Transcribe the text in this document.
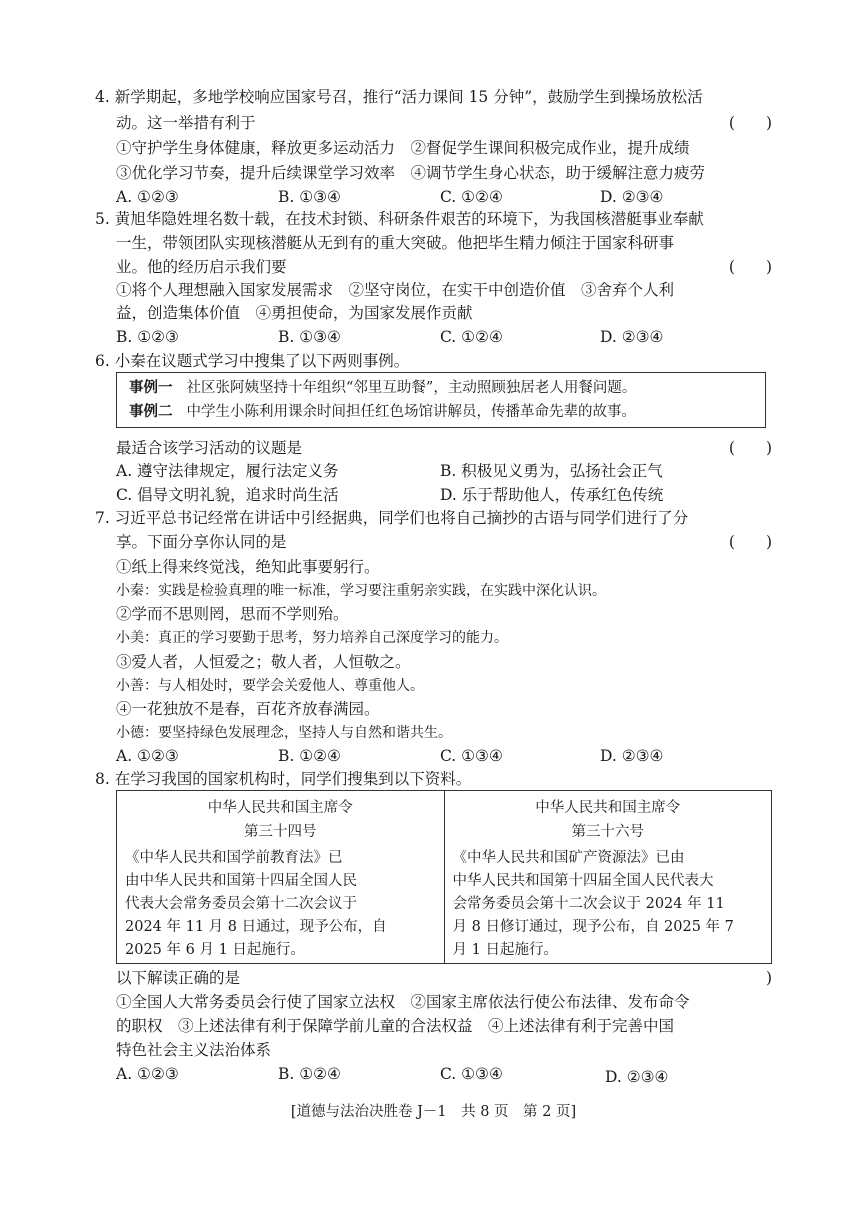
4. 新学期起，多地学校响应国家号召，推行“活力课间 15 分钟”，鼓励学生到操场放松活
动。这一举措有利于	(　　)
①守护学生身体健康，释放更多运动活力　②督促学生课间积极完成作业，提升成绩
③优化学习节奏，提升后续课堂学习效率　④调节学生身心状态，助于缓解注意力疲劳
A. ①②③	B. ①③④	C. ①②④	D. ②③④
5. 黄旭华隐姓埋名数十载，在技术封锁、科研条件艰苦的环境下，为我国核潜艇事业奉献
一生，带领团队实现核潜艇从无到有的重大突破。他把毕生精力倾注于国家科研事
业。他的经历启示我们要	(　　)
①将个人理想融入国家发展需求　②坚守岗位，在实干中创造价值　③舍弃个人利
益，创造集体价值　④勇担使命，为国家发展作贡献
B. ①②③	B. ①③④	C. ①②④	D. ②③④
6. 小秦在议题式学习中搜集了以下两则事例。
事例一 社区张阿姨坚持十年组织“邻里互助餐”，主动照顾独居老人用餐问题。
事例二 中学生小陈利用课余时间担任红色场馆讲解员，传播革命先辈的故事。
最适合该学习活动的议题是	(　　)
A. 遵守法律规定，履行法定义务	B. 积极见义勇为，弘扬社会正气
C. 倡导文明礼貌，追求时尚生活	D. 乐于帮助他人，传承红色传统
7. 习近平总书记经常在讲话中引经据典，同学们也将自己摘抄的古语与同学们进行了分
享。下面分享你认同的是	(　　)
①纸上得来终觉浅，绝知此事要躬行。
小秦：实践是检验真理的唯一标准，学习要注重躬亲实践，在实践中深化认识。
②学而不思则罔，思而不学则殆。
小美：真正的学习要勤于思考，努力培养自己深度学习的能力。
③爱人者，人恒爱之；敬人者，人恒敬之。
小善：与人相处时，要学会关爱他人、尊重他人。
④一花独放不是春，百花齐放春满园。
小德：要坚持绿色发展理念，坚持人与自然和谐共生。
A. ①②③	B. ①②④	C. ①③④	D. ②③④
8. 在学习我国的国家机构时，同学们搜集到以下资料。
中华人民共和国主席令
第三十四号
《中华人民共和国学前教育法》已
由中华人民共和国第十四届全国人民
代表大会常务委员会第十二次会议于
2024 年 11 月 8 日通过，现予公布，自
2025 年 6 月 1 日起施行。
中华人民共和国主席令
第三十六号
《中华人民共和国矿产资源法》已由
中华人民共和国第十四届全国人民代表大
会常务委员会第十二次会议于 2024 年 11
月 8 日修订通过，现予公布，自 2025 年 7
月 1 日起施行。
以下解读正确的是	)
①全国人大常务委员会行使了国家立法权　②国家主席依法行使公布法律、发布命令
的职权　③上述法律有利于保障学前儿童的合法权益　④上述法律有利于完善中国
特色社会主义法治体系
A. ①②③	B. ①②④	C. ①③④	D. ②③④
[道德与法治决胜卷 J－1　共 8 页　第 2 页]
